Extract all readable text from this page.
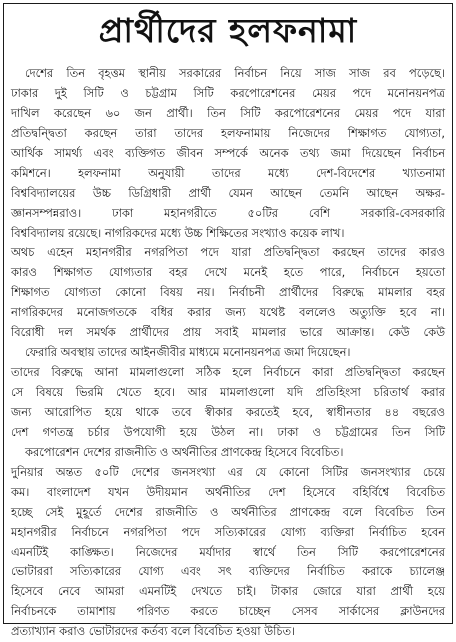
প্রার্থীদের হলফনামা
দেশের তিন বৃহত্তম স্থানীয় সরকারের নির্বাচন নিয়ে সাজ সাজ রব পড়েছে।
ঢাকার দুই সিটি ও চট্টগ্রাম সিটি করপোরেশনের মেয়র পদে মনোনয়নপত্র
দাখিল করেছেন ৬০ জন প্রার্থী। তিন সিটি করপোরেশনের মেয়র পদে যারা
প্রতিদ্বন্দ্বিতা করছেন তারা তাদের হলফনামায় নিজেদের শিক্ষাগত যোগ্যতা,
আর্থিক সামর্থ্য এবং ব্যক্তিগত জীবন সম্পর্কে অনেক তথ্য জমা দিয়েছেন নির্বাচন
কমিশনে। হলফনামা অনুযায়ী তাদের মধ্যে দেশ-বিদেশের খ্যাতনামা
বিশ্ববিদ্যালয়ের উচ্চ ডিগ্রিধারী প্রার্থী যেমন আছেন তেমনি আছেন অক্ষর-
জ্ঞানসম্পন্নরাও। ঢাকা মহানগরীতে ৫০টির বেশি সরকারি-বেসরকারি
বিশ্ববিদ্যালয় রয়েছে। নাগরিকদের মধ্যে উচ্চ শিক্ষিতের সংখ্যাও কয়েক লাখ।
অথচ এহেন মহানগরীর নগরপিতা পদে যারা প্রতিদ্বন্দ্বিতা করছেন তাদের কারও
কারও শিক্ষাগত যোগ্যতার বহর দেখে মনেই হতে পারে, নির্বাচনে হয়তো
শিক্ষাগত যোগ্যতা কোনো বিষয় নয়। নির্বাচনী প্রার্থীদের বিরুদ্ধে মামলার বহর
নাগরিকদের মনোজগতকে বধির করার জন্য যথেষ্ট বললেও অত্যুক্তি হবে না।
বিরোধী দল সমর্থক প্রার্থীদের প্রায় সবাই মামলার ভারে আক্রান্ত। কেউ কেউ
ফেরারি অবস্থায় তাদের আইনজীবীর মাধ্যমে মনোনয়নপত্র জমা দিয়েছেন।
তাদের বিরুদ্ধে আনা মামলাগুলো সঠিক হলে নির্বাচনে কারা প্রতিদ্বন্দ্বিতা করছেন
সে বিষয়ে ভিরমি খেতে হবে। আর মামলাগুলো যদি প্রতিহিংসা চরিতার্থ করার
জন্য আরোপিত হয়ে থাকে তবে স্বীকার করতেই হবে, স্বাধীনতার ৪৪ বছরেও
দেশ গণতন্ত্র চর্চার উপযোগী হয়ে উঠল না। ঢাকা ও চট্টগ্রামের তিন সিটি
করপোরেশন দেশের রাজনীতি ও অর্থনীতির প্রাণকেন্দ্র হিসেবে বিবেচিত।
দুনিয়ার অন্তত ৫০টি দেশের জনসংখ্যা এর যে কোনো সিটির জনসংখ্যার চেয়ে
কম। বাংলাদেশ যখন উদীয়মান অর্থনীতির দেশ হিসেবে বহির্বিশ্বে বিবেচিত
হচ্ছে সেই মুহূর্তে দেশের রাজনীতি ও অর্থনীতির প্রাণকেন্দ্র বলে বিবেচিত তিন
মহানগরীর নির্বাচনে নগরপিতা পদে সত্যিকারের যোগ্য ব্যক্তিরা নির্বাচিত হবেন
এমনটিই কাঙ্ক্ষিত। নিজেদের মর্যাদার স্বার্থে তিন সিটি করপোরেশনের
ভোটাররা সত্যিকারের যোগ্য এবং সৎ ব্যক্তিদের নির্বাচিত করাকে চ্যালেঞ্জ
হিসেবে নেবে আমরা এমনটিই দেখতে চাই। টাকার জোরে যারা প্রার্থী হয়ে
নির্বাচনকে তামাশায় পরিণত করতে চাচ্ছেন সেসব সার্কাসের ক্লাউনদের
প্রত্যাখ্যান করাও ভোটারদের কর্তব্য বলে বিবেচিত হওয়া উচিত।
